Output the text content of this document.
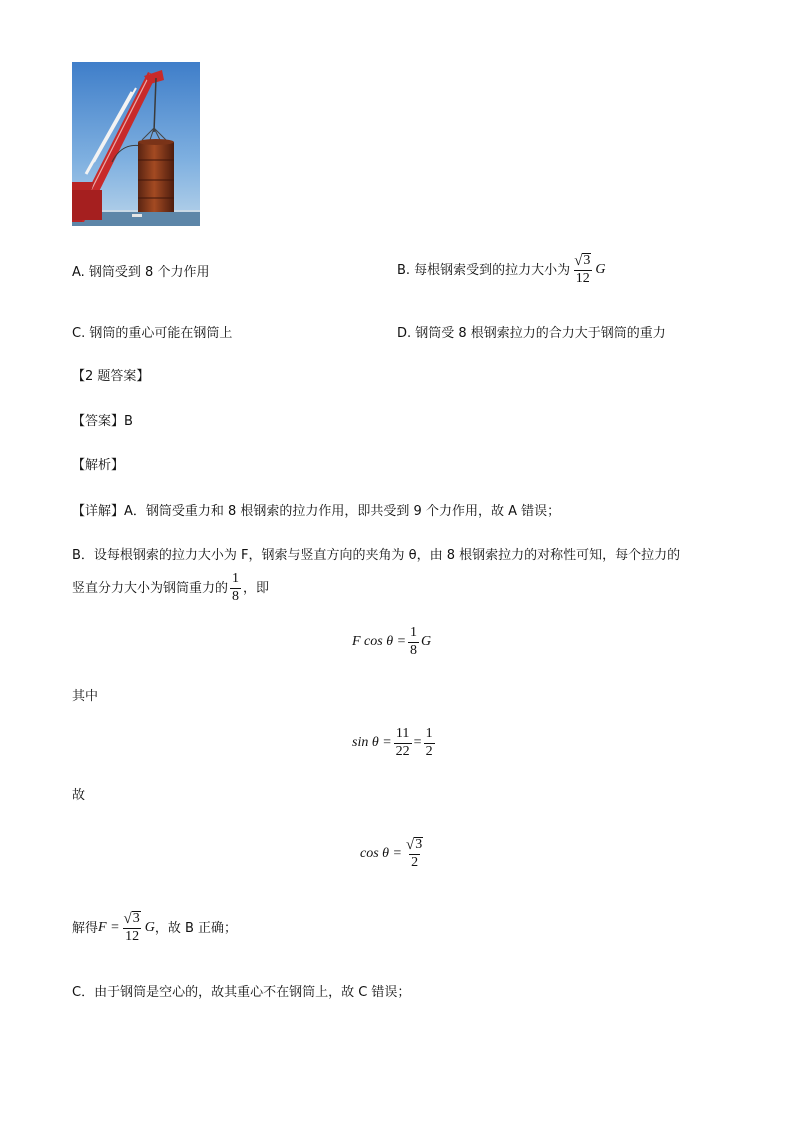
A. 钢筒受到 8 个力作用	B. 每根钢索受到的拉力大小为 $\frac{√ 3}{12}$ G
C. 钢筒的重心可能在钢筒上	D. 钢筒受 8 根钢索拉力的合力大于钢筒的重力
【2 题答案】
【答案】B
【解析】
【详解】A．钢筒受重力和 8 根钢索的拉力作用，即共受到 9 个力作用，故 A 错误；
B．设每根钢索的拉力大小为 F，钢索与竖直方向的夹角为 θ，由 8 根钢索拉力的对称性可知，每个拉力的
竖直分力大小为钢筒重力的 $\frac{1}{8}$ ，即
F $\cos \theta = \frac{1}{8}$ G
其中
$\sin \theta = \frac{11}{22} = \frac{1}{2}$
故
$\cos \theta = \frac{√ 3}{2}$
解得 $F = \frac{√ 3}{12}$ G ，故 B 正确；
C．由于钢筒是空心的，故其重心不在钢筒上，故 C 错误；
